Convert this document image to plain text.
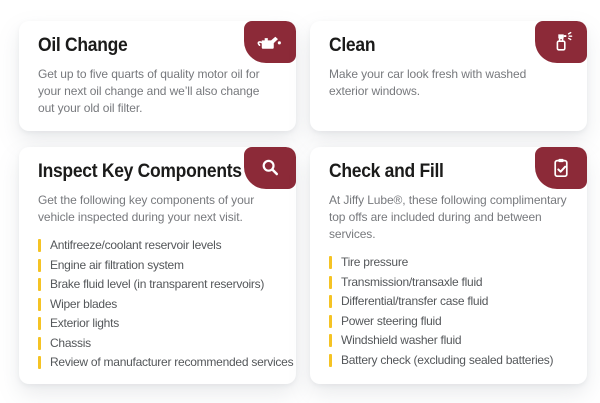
Oil Change

Get up to five quarts of quality motor oil for your next oil change and we’ll also change out your old oil filter.

Clean

Make your car look fresh with washed exterior windows.

Inspect Key Components

Get the following key components of your vehicle inspected during your next visit.

Antifreeze/coolant reservoir levels
Engine air filtration system
Brake fluid level (in transparent reservoirs)
Wiper blades
Exterior lights
Chassis
Review of manufacturer recommended services
Check and Fill

At Jiffy Lube®, these following complimentary top offs are included during and between services.

Tire pressure
Transmission/transaxle fluid
Differential/transfer case fluid
Power steering fluid
Windshield washer fluid
Battery check (excluding sealed batteries)
